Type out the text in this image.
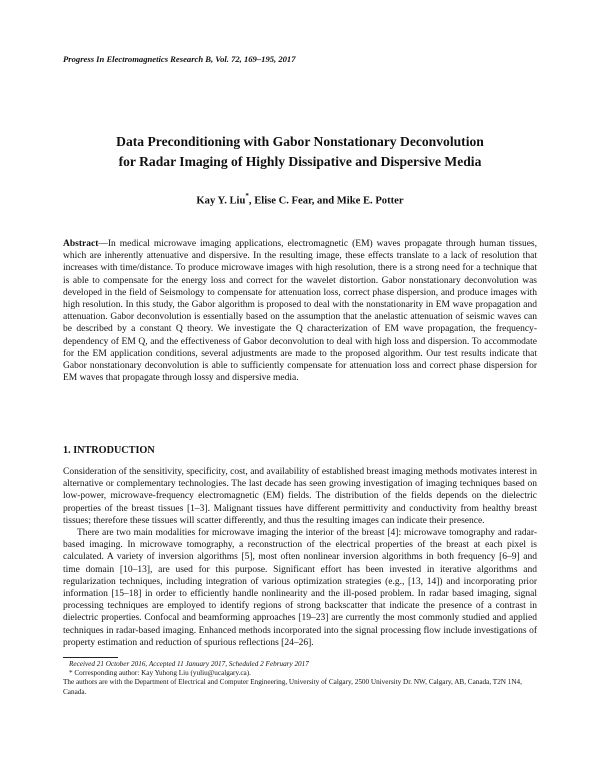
Progress In Electromagnetics Research B, Vol. 72, 169–195, 2017
Data Preconditioning with Gabor Nonstationary Deconvolution
for Radar Imaging of Highly Dissipative and Dispersive Media
Kay Y. Liu*, Elise C. Fear, and Mike E. Potter
Abstract—In medical microwave imaging applications, electromagnetic (EM) waves propagate through human tissues, which are inherently attenuative and dispersive. In the resulting image, these effects translate to a lack of resolution that increases with time/distance. To produce microwave images with high resolution, there is a strong need for a technique that is able to compensate for the energy loss and correct for the wavelet distortion. Gabor nonstationary deconvolution was developed in the field of Seismology to compensate for attenuation loss, correct phase dispersion, and produce images with high resolution. In this study, the Gabor algorithm is proposed to deal with the nonstationarity in EM wave propagation and attenuation. Gabor deconvolution is essentially based on the assumption that the anelastic attenuation of seismic waves can be described by a constant Q theory. We investigate the Q characterization of EM wave propagation, the frequency-dependency of EM Q, and the effectiveness of Gabor deconvolution to deal with high loss and dispersion. To accommodate for the EM application conditions, several adjustments are made to the proposed algorithm. Our test results indicate that Gabor nonstationary deconvolution is able to sufficiently compensate for attenuation loss and correct phase dispersion for EM waves that propagate through lossy and dispersive media.
1. INTRODUCTION

Consideration of the sensitivity, specificity, cost, and availability of established breast imaging methods motivates interest in alternative or complementary technologies. The last decade has seen growing investigation of imaging techniques based on low-power, microwave-frequency electromagnetic (EM) fields. The distribution of the fields depends on the dielectric properties of the breast tissues [1–3]. Malignant tissues have different permittivity and conductivity from healthy breast tissues; therefore these tissues will scatter differently, and thus the resulting images can indicate their presence.

There are two main modalities for microwave imaging the interior of the breast [4]: microwave tomography and radar-based imaging. In microwave tomography, a reconstruction of the electrical properties of the breast at each pixel is calculated. A variety of inversion algorithms [5], most often nonlinear inversion algorithms in both frequency [6–9] and time domain [10–13], are used for this purpose. Significant effort has been invested in iterative algorithms and regularization techniques, including integration of various optimization strategies (e.g., [13, 14]) and incorporating prior information [15–18] in order to efficiently handle nonlinearity and the ill-posed problem. In radar based imaging, signal processing techniques are employed to identify regions of strong backscatter that indicate the presence of a contrast in dielectric properties. Confocal and beamforming approaches [19–23] are currently the most commonly studied and applied techniques in radar-based imaging. Enhanced methods incorporated into the signal processing flow include investigations of property estimation and reduction of spurious reflections [24–26].

Received 21 October 2016, Accepted 11 January 2017, Scheduled 2 February 2017
* Corresponding author: Kay Yuhong Liu (yuliu@ucalgary.ca).
The authors are with the Department of Electrical and Computer Engineering, University of Calgary, 2500 University Dr. NW, Calgary, AB, Canada, T2N 1N4, Canada.
